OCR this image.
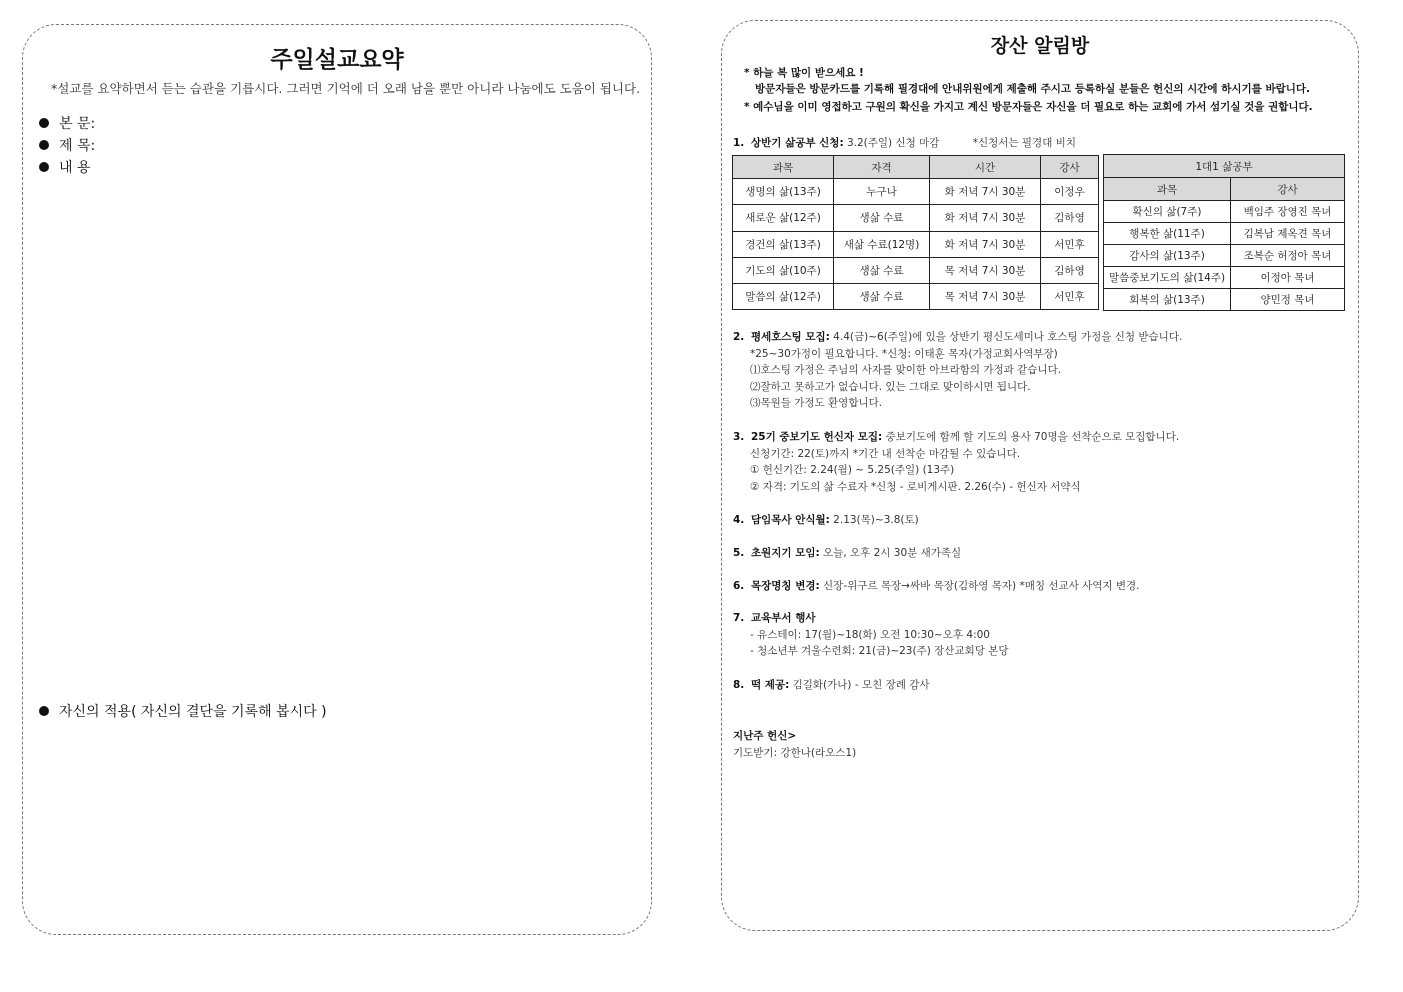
주일설교요약
*설교를 요약하면서 듣는 습관을 기릅시다. 그러면 기억에 더 오래 남을 뿐만 아니라 나눔에도 도움이 됩니다.
본 문:
제 목:
내 용
자신의 적용( 자신의 결단을 기록해 봅시다 )
장산 알림방
* 하늘 복 많이 받으세요 !
방문자들은 방문카드를 기록해 필경대에 안내위원에게 제출해 주시고 등록하실 분들은 헌신의 시간에 하시기를 바랍니다.
* 예수님을 이미 영접하고 구원의 확신을 가지고 계신 방문자들은 자신을 더 필요로 하는 교회에 가서 섬기실 것을 권합니다.
1. 상반기 삶공부 신청: 3.2(주일) 신청 마감	*신청서는 필경대 비치
과목	자격	시간	강사
생명의 삶(13주)	누구나	화 저녁 7시 30분	이정우
새로운 삶(12주)	생삶 수료	화 저녁 7시 30분	김하영
경건의 삶(13주)	새삶 수료(12명)	화 저녁 7시 30분	서민후
기도의 삶(10주)	생삶 수료	목 저녁 7시 30분	김하영
말씀의 삶(12주)	생삶 수료	목 저녁 7시 30분	서민후
1대1 삶공부	
과목	강사
확신의 삶(7주)	백임주 장영진 목녀
행복한 삶(11주)	김복남 제옥견 목녀
감사의 삶(13주)	조복순 허정아 목녀
말씀중보기도의 삶(14주)	이정아 목녀
회복의 삶(13주)	양민정 목녀
2. 평세호스팅 모집: 4.4(금)~6(주일)에 있을 상반기 평신도세미나 호스팅 가정을 신청 받습니다.
*25~30가정이 필요합니다. *신청: 이태훈 목자(가정교회사역부장)
⑴호스팅 가정은 주님의 사자를 맞이한 아브라함의 가정과 같습니다.
⑵잘하고 못하고가 없습니다. 있는 그대로 맞이하시면 됩니다.
⑶목원들 가정도 환영합니다.
3. 25기 중보기도 헌신자 모집: 중보기도에 함께 할 기도의 용사 70명을 선착순으로 모집합니다.
신청기간: 22(토)까지 *기간 내 선착순 마감될 수 있습니다.
① 헌신기간: 2.24(월) ~ 5.25(주일) (13주)
② 자격: 기도의 삶 수료자 *신청 - 로비게시판. 2.26(수) - 헌신자 서약식
4. 담임목사 안식월: 2.13(목)~3.8(토)
5. 초원지기 모임: 오늘, 오후 2시 30분 새가족실
6. 목장명칭 변경: 신장-위구르 목장→싸바 목장(김하영 목자) *매칭 선교사 사역지 변경.
7. 교육부서 행사
- 유스테이: 17(월)~18(화) 오전 10:30~오후 4:00
- 청소년부 겨울수련회: 21(금)~23(주) 장산교회당 본당
8. 떡 제공: 김길화(가나) - 모친 장례 감사
지난주 헌신>
기도받기: 강한나(라오스1)
